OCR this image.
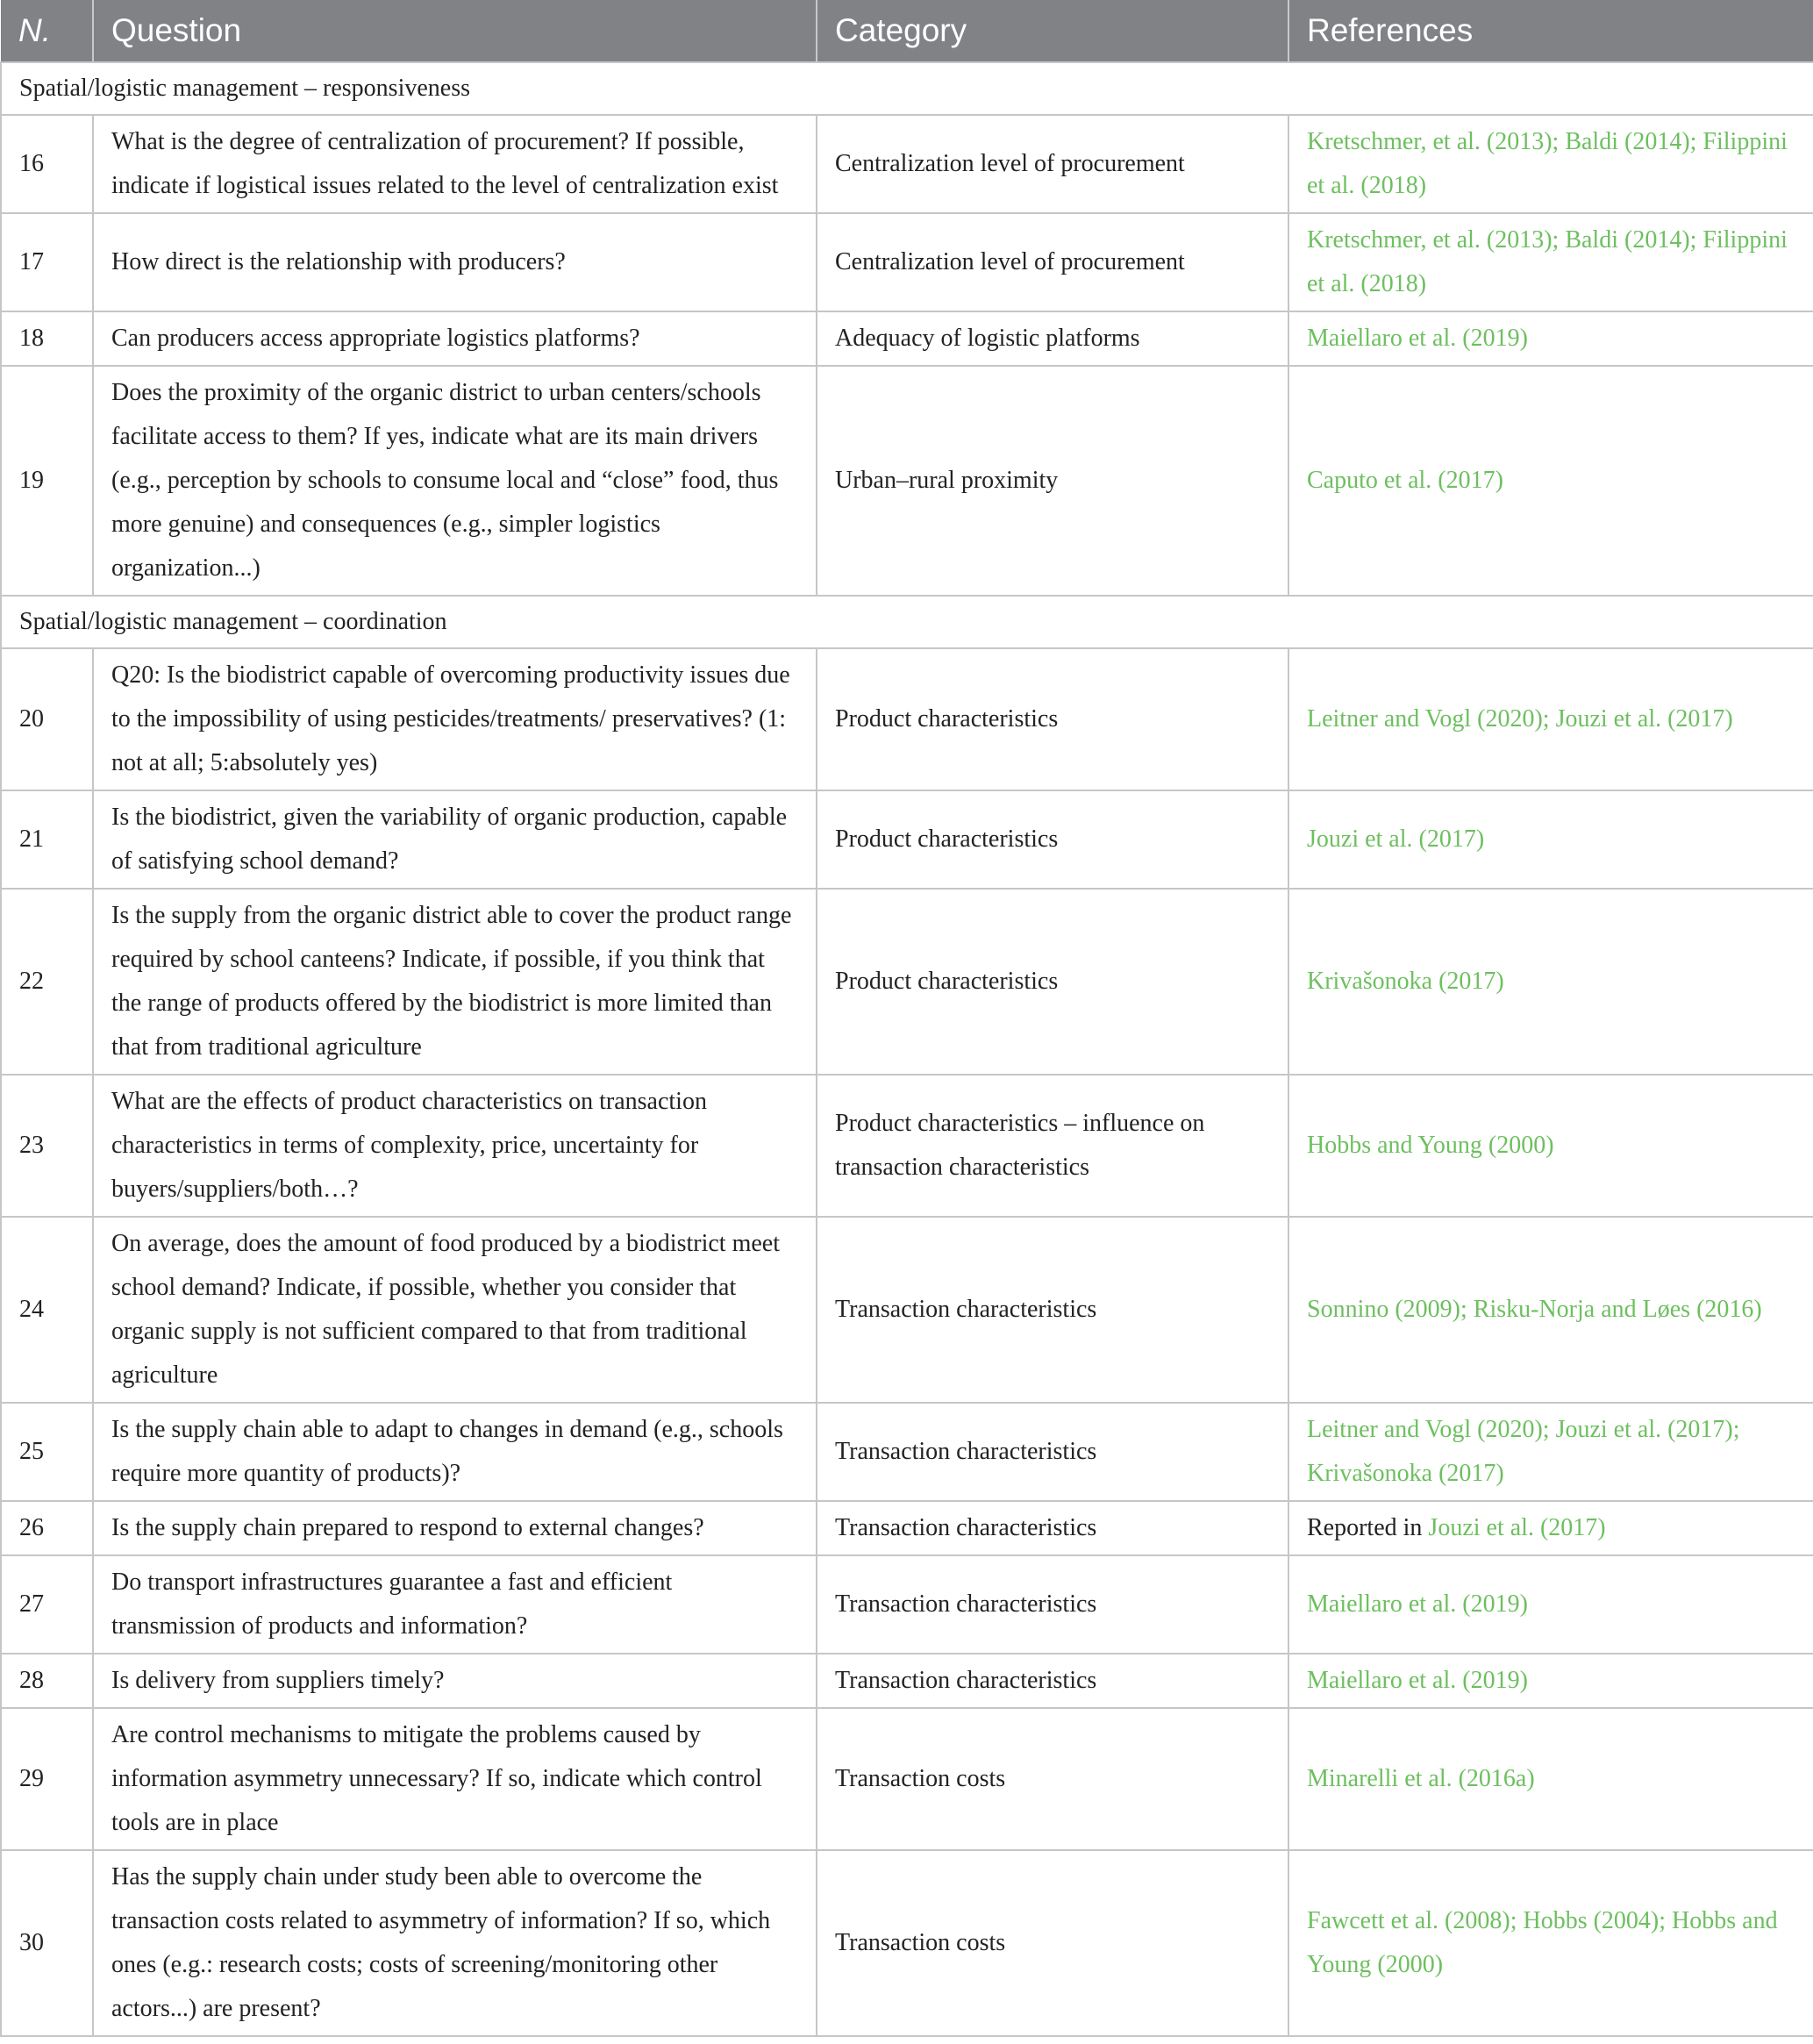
N.	Question	Category	References
Spatial/logistic management – responsiveness			
16	What is the degree of centralization of procurement? If possible, indicate if logistical issues related to the level of centralization exist	Centralization level of procurement	Kretschmer, et al. (2013); Baldi (2014); Filippini et al. (2018)
17	How direct is the relationship with producers?	Centralization level of procurement	Kretschmer, et al. (2013); Baldi (2014); Filippini et al. (2018)
18	Can producers access appropriate logistics platforms?	Adequacy of logistic platforms	Maiellaro et al. (2019)
19	Does the proximity of the organic district to urban centers/schools facilitate access to them? If yes, indicate what are its main drivers (e.g., perception by schools to consume local and “close” food, thus more genuine) and consequences (e.g., simpler logistics organization...)	Urban–rural proximity	Caputo et al. (2017)
Spatial/logistic management – coordination			
20	Q20: Is the biodistrict capable of overcoming productivity issues due to the impossibility of using pesticides/treatments/ preservatives? (1: not at all; 5:absolutely yes)	Product characteristics	Leitner and Vogl (2020); Jouzi et al. (2017)
21	Is the biodistrict, given the variability of organic production, capable of satisfying school demand?	Product characteristics	Jouzi et al. (2017)
22	Is the supply from the organic district able to cover the product range required by school canteens? Indicate, if possible, if you think that the range of products offered by the biodistrict is more limited than that from traditional agriculture	Product characteristics	Krivašonoka (2017)
23	What are the effects of product characteristics on transaction characteristics in terms of complexity, price, uncertainty for buyers/suppliers/both…?	Product characteristics – influence on transaction characteristics	Hobbs and Young (2000)
24	On average, does the amount of food produced by a biodistrict meet school demand? Indicate, if possible, whether you consider that organic supply is not sufficient compared to that from traditional agriculture	Transaction characteristics	Sonnino (2009); Risku-Norja and Løes (2016)
25	Is the supply chain able to adapt to changes in demand (e.g., schools require more quantity of products)?	Transaction characteristics	Leitner and Vogl (2020); Jouzi et al. (2017); Krivašonoka (2017)
26	Is the supply chain prepared to respond to external changes?	Transaction characteristics	Reported in Jouzi et al. (2017)
27	Do transport infrastructures guarantee a fast and efficient transmission of products and information?	Transaction characteristics	Maiellaro et al. (2019)
28	Is delivery from suppliers timely?	Transaction characteristics	Maiellaro et al. (2019)
29	Are control mechanisms to mitigate the problems caused by information asymmetry unnecessary? If so, indicate which control tools are in place	Transaction costs	Minarelli et al. (2016a)
30	Has the supply chain under study been able to overcome the transaction costs related to asymmetry of information? If so, which ones (e.g.: research costs; costs of screening/monitoring other actors...) are present?	Transaction costs	Fawcett et al. (2008); Hobbs (2004); Hobbs and Young (2000)
